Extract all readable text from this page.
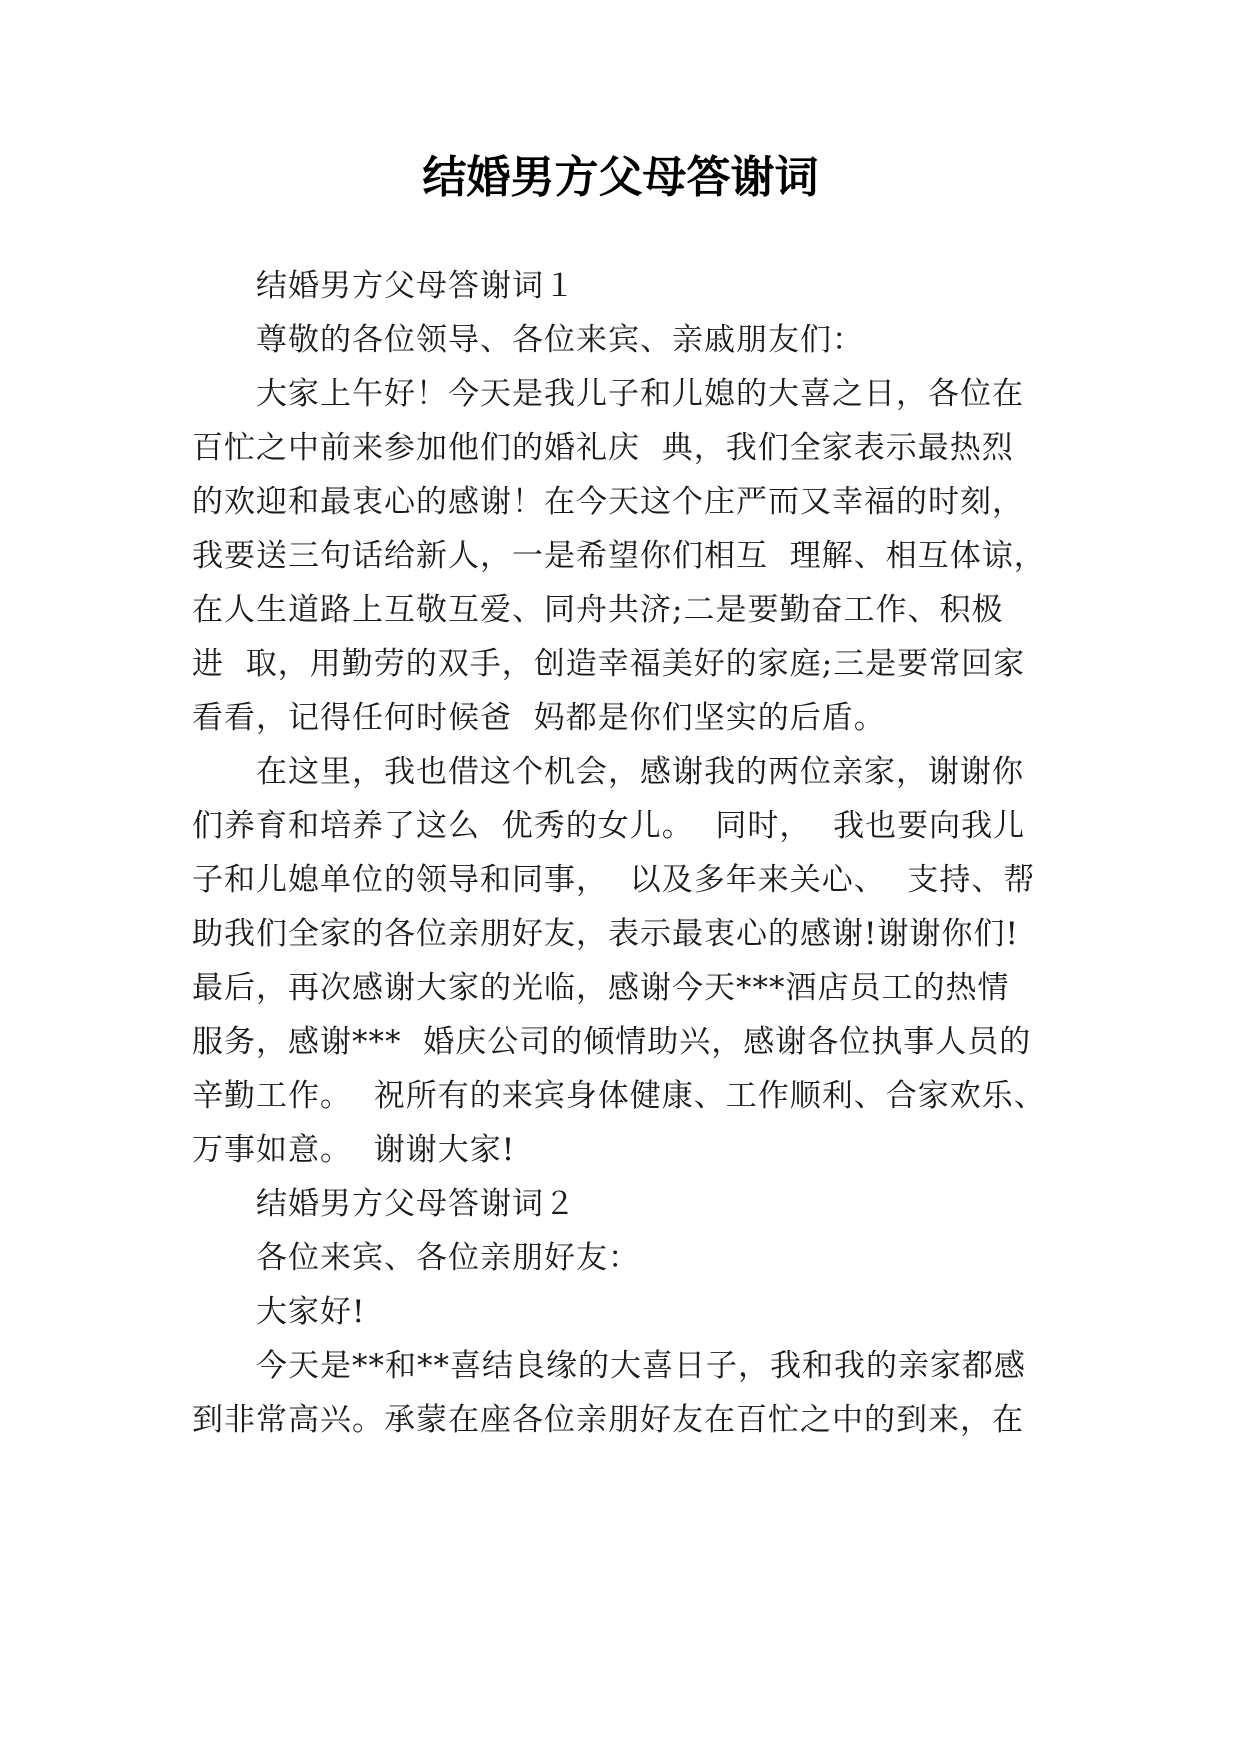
结婚男方父母答谢词
结婚男方父母答谢词１
尊敬的各位领导、各位来宾、亲戚朋友们：
大家上午好！今天是我儿子和儿媳的大喜之日，各位在
百忙之中前来参加他们的婚礼庆  典，我们全家表示最热烈
的欢迎和最衷心的感谢！在今天这个庄严而又幸福的时刻，
我要送三句话给新人，一是希望你们相互  理解、相互体谅，
在人生道路上互敬互爱、同舟共济;二是要勤奋工作、积极
进  取，用勤劳的双手，创造幸福美好的家庭;三是要常回家
看看，记得任何时候爸  妈都是你们坚实的后盾。
在这里，我也借这个机会，感谢我的两位亲家，谢谢你
们养育和培养了这么  优秀的女儿。  同时，  我也要向我儿
子和儿媳单位的领导和同事，  以及多年来关心、  支持、帮
助我们全家的各位亲朋好友，表示最衷心的感谢!谢谢你们!
最后，再次感谢大家的光临，感谢今天***酒店员工的热情
服务，感谢***  婚庆公司的倾情助兴，感谢各位执事人员的
辛勤工作。  祝所有的来宾身体健康、工作顺利、合家欢乐、
万事如意。  谢谢大家!
结婚男方父母答谢词２
各位来宾、各位亲朋好友：
大家好!
今天是**和**喜结良缘的大喜日子，我和我的亲家都感
到非常高兴。承蒙在座各位亲朋好友在百忙之中的到来，在
